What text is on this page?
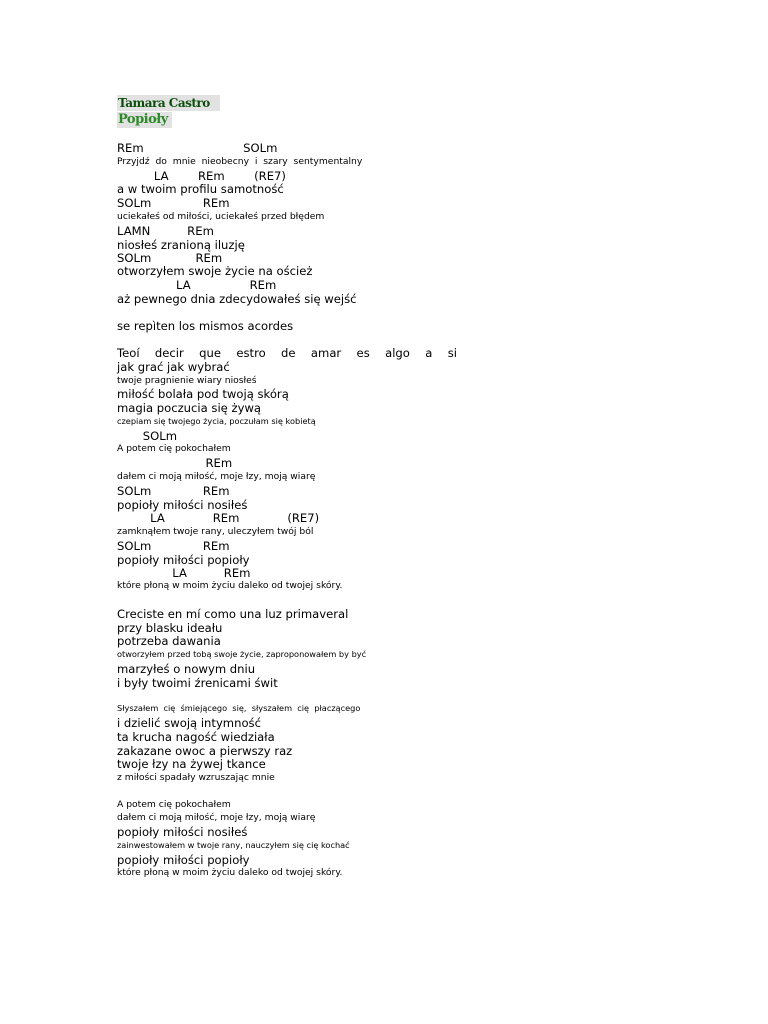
Tamara Castro
Popioły
REm                           SOLm
Przyjdź  do  mnie  nieobecny  i  szary  sentymentalny
LA        REm        (RE7)
a w twoim profilu samotność
SOLm              REm
uciekałeś od miłości, uciekałeś przed błędem
LAMN          REm
niosłeś zranioną iluzję
SOLm            REm
otworzyłem swoje życie na oścież
LA                REm
aż pewnego dnia zdecydowałeś się wejść
se repìten los mismos acordes
Teoí  decir  que  estro  de  amar  es  algo  a  si
jak grać jak wybrać
twoje pragnienie wiary niosłeś
miłość bolała pod twoją skórą
magia poczucia się żywą
czepiam się twojego życia, poczułam się kobietą
SOLm
A potem cię pokochałem
REm
dałem ci moją miłość, moje łzy, moją wiarę
SOLm              REm
popioły miłości nosiłeś
LA             REm             (RE7)
zamknąłem twoje rany, uleczyłem twój ból
SOLm              REm
popioły miłości popioły
LA          REm
które płoną w moim życiu daleko od twojej skóry.
Creciste en mí como una luz primaveral
przy blasku ideału
potrzeba dawania
otworzyłem przed tobą swoje życie, zaproponowałem by być
marzyłeś o nowym dniu
i były twoimi źrenicami świt
Słyszałem  cię  śmiejącego  się,  słyszałem  cię  płaczącego
i dzielić swoją intymność
ta krucha nagość wiedziała
zakazane owoc a pierwszy raz
twoje łzy na żywej tkance
z miłości spadały wzruszając mnie
A potem cię pokochałem
dałem ci moją miłość, moje łzy, moją wiarę
popioły miłości nosiłeś
zainwestowałem w twoje rany, nauczyłem się cię kochać
popioły miłości popioły
które płoną w moim życiu daleko od twojej skóry.
